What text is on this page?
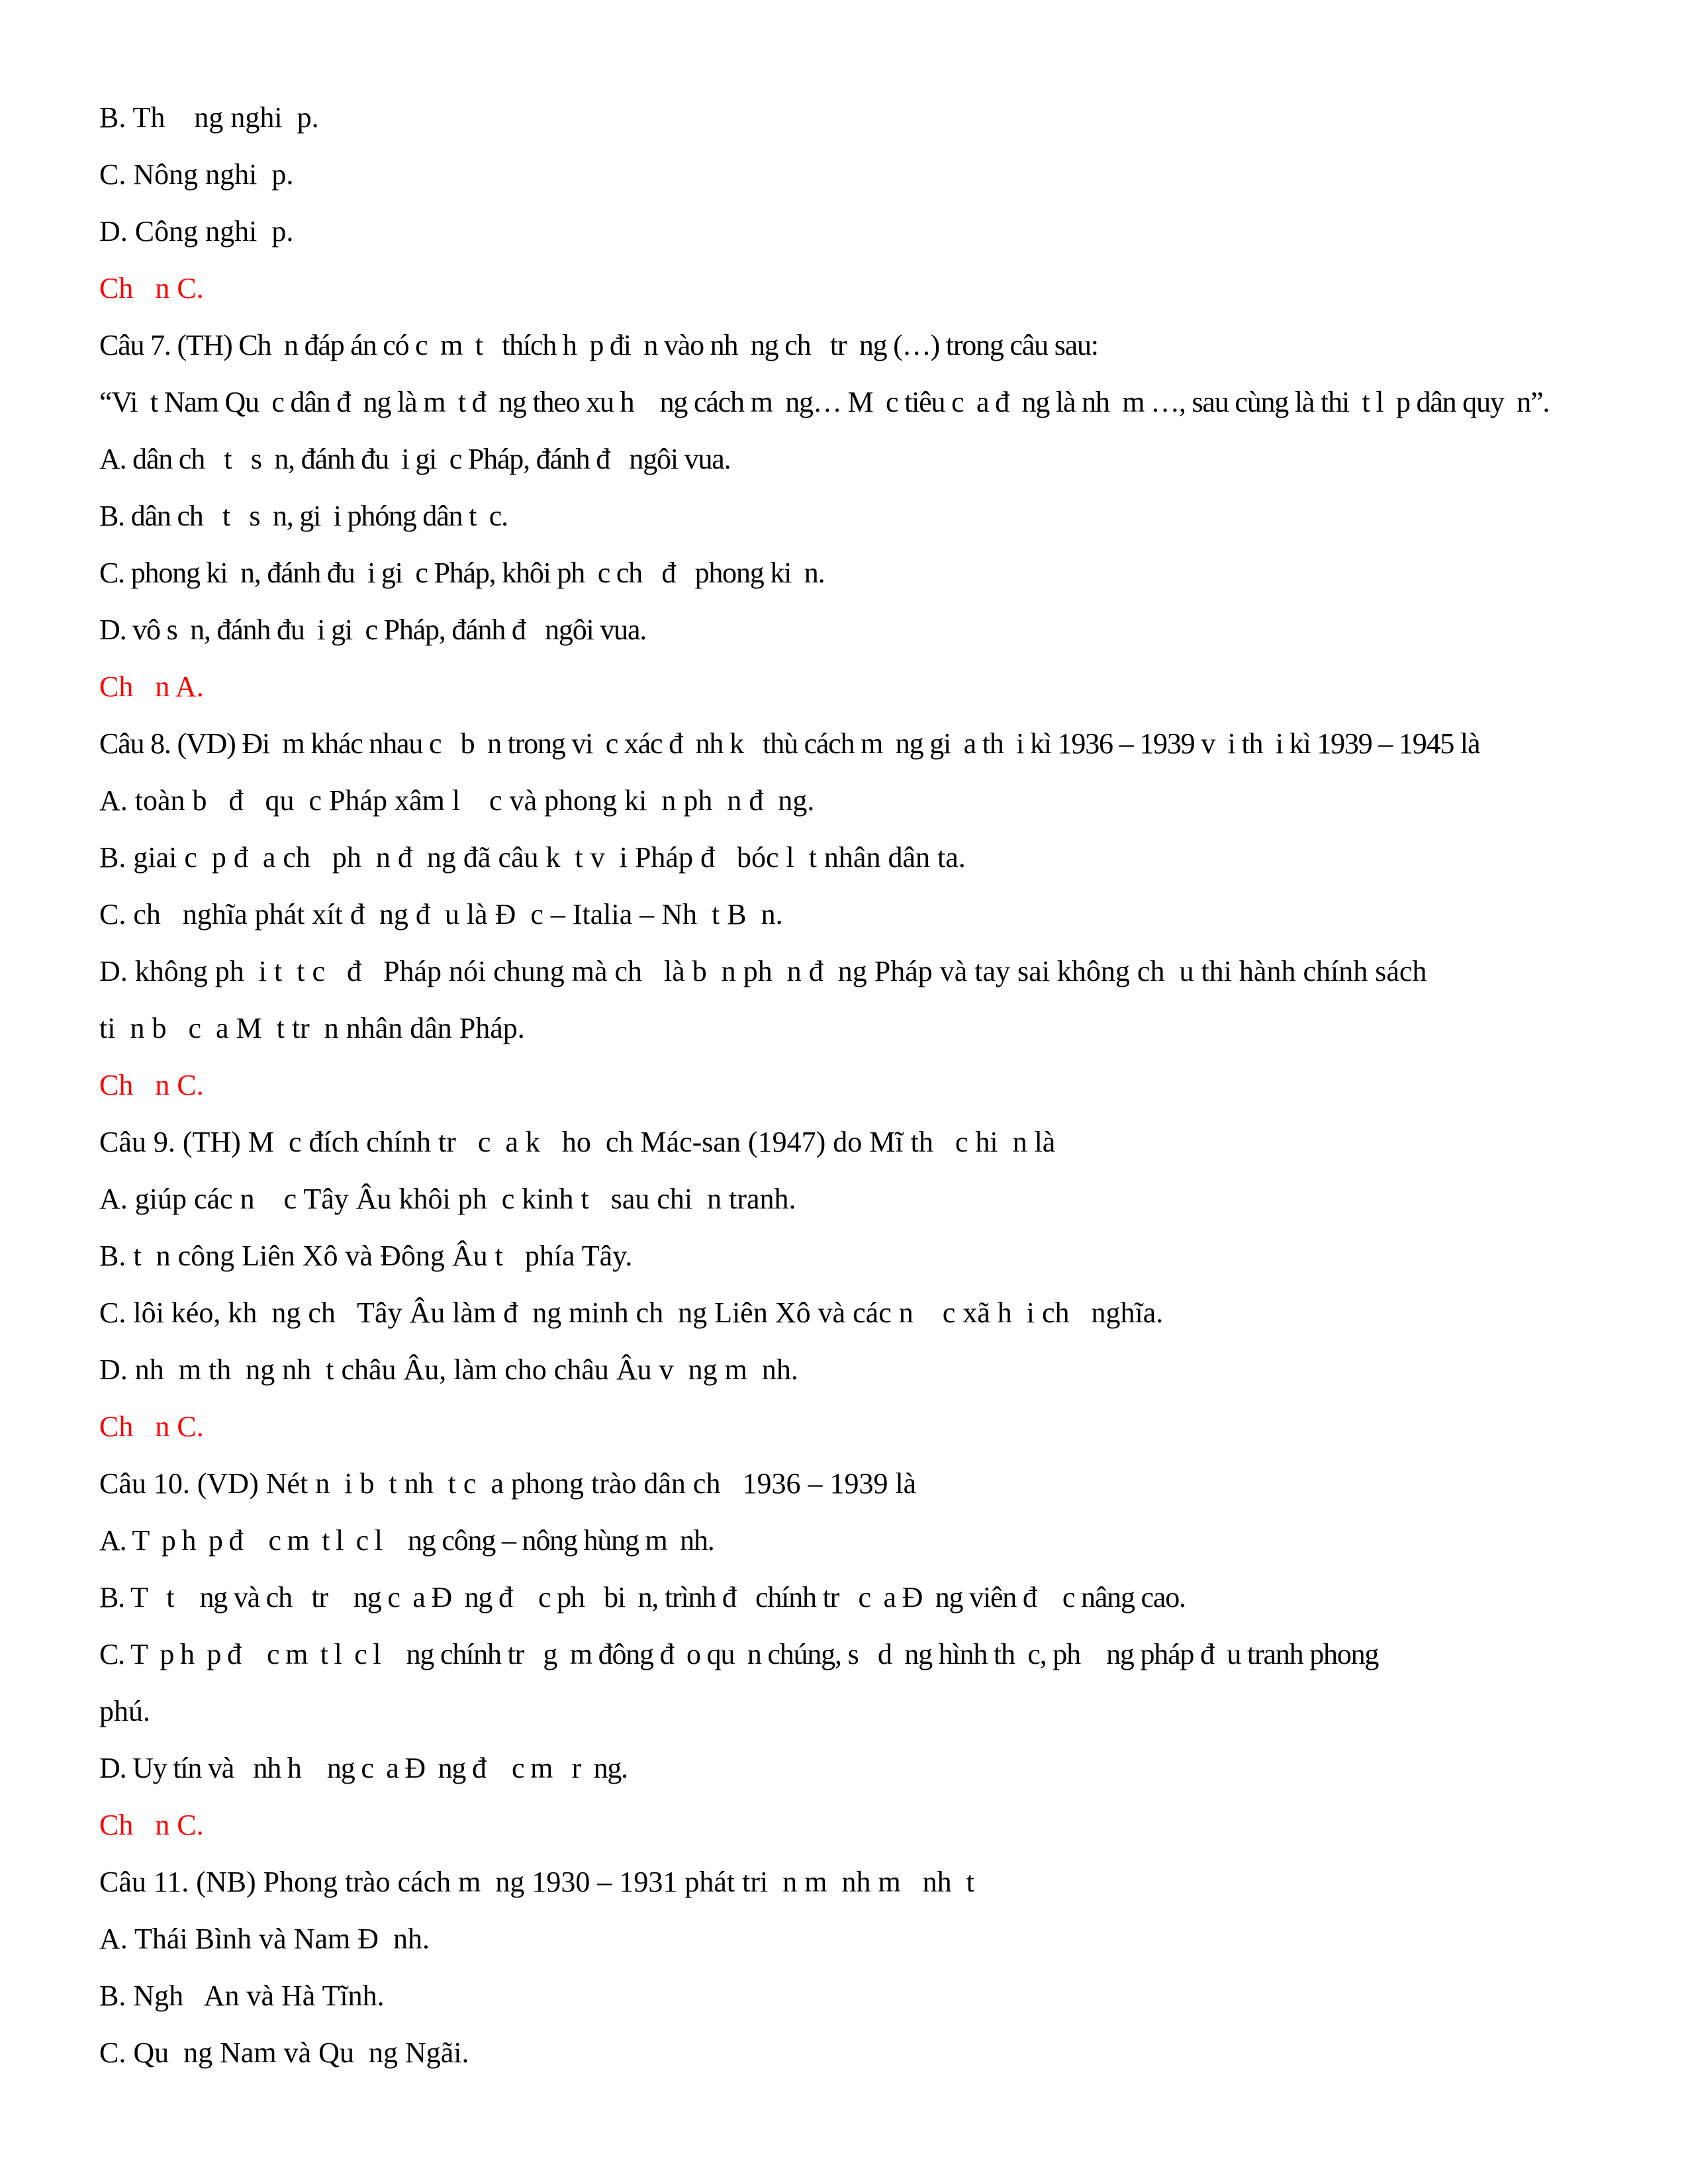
B. Th    ng nghi  p.
C. Nông nghi  p.
D. Công nghi  p.
Ch   n C.
Câu 7. (TH) Ch  n đáp án có c  m  t   thích h  p đi  n vào nh  ng ch   tr  ng (…) trong câu sau:
“Vi  t Nam Qu  c dân đ  ng là m  t đ  ng theo xu h    ng cách m  ng… M  c tiêu c  a đ  ng là nh  m …, sau cùng là thi  t l  p dân quy  n”.
A. dân ch   t   s  n, đánh đu  i gi  c Pháp, đánh đ   ngôi vua.
B. dân ch   t   s  n, gi  i phóng dân t  c.
C. phong ki  n, đánh đu  i gi  c Pháp, khôi ph  c ch   đ   phong ki  n.
D. vô s  n, đánh đu  i gi  c Pháp, đánh đ   ngôi vua.
Ch   n A.
Câu 8. (VD) Đi  m khác nhau c   b  n trong vi  c xác đ  nh k   thù cách m  ng gi  a th  i kì 1936 – 1939 v  i th  i kì 1939 – 1945 là
A. toàn b   đ   qu  c Pháp xâm l    c và phong ki  n ph  n đ  ng.
B. giai c  p đ  a ch   ph  n đ  ng đã câu k  t v  i Pháp đ   bóc l  t nhân dân ta.
C. ch   nghĩa phát xít đ  ng đ  u là Đ  c – Italia – Nh  t B  n.
D. không ph  i t  t c   đ   Pháp nói chung mà ch   là b  n ph  n đ  ng Pháp và tay sai không ch  u thi hành chính sách
ti  n b   c  a M  t tr  n nhân dân Pháp.
Ch   n C.
Câu 9. (TH) M  c đích chính tr   c  a k   ho  ch Mác-san (1947) do Mĩ th   c hi  n là
A. giúp các n    c Tây Âu khôi ph  c kinh t   sau chi  n tranh.
B. t  n công Liên Xô và Đông Âu t   phía Tây.
C. lôi kéo, kh  ng ch   Tây Âu làm đ  ng minh ch  ng Liên Xô và các n    c xã h  i ch   nghĩa.
D. nh  m th  ng nh  t châu Âu, làm cho châu Âu v  ng m  nh.
Ch   n C.
Câu 10. (VD) Nét n  i b  t nh  t c  a phong trào dân ch   1936 – 1939 là
A. T  p h  p đ    c m  t l  c l    ng công – nông hùng m  nh.
B. T   t    ng và ch   tr    ng c  a Đ  ng đ    c ph   bi  n, trình đ   chính tr   c  a Đ  ng viên đ    c nâng cao.
C. T  p h  p đ    c m  t l  c l    ng chính tr   g  m đông đ  o qu  n chúng, s   d  ng hình th  c, ph    ng pháp đ  u tranh phong
phú.
D. Uy tín và   nh h    ng c  a Đ  ng đ    c m   r  ng.
Ch   n C.
Câu 11. (NB) Phong trào cách m  ng 1930 – 1931 phát tri  n m  nh m   nh  t
A. Thái Bình và Nam Đ  nh.
B. Ngh   An và Hà Tĩnh.
C. Qu  ng Nam và Qu  ng Ngãi.
